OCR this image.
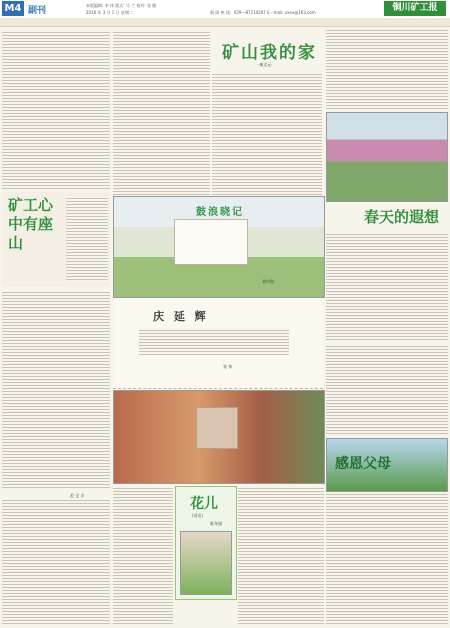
M4 副刊
本版编辑: 李 伟 版式: 马 兰 校对: 张 健
2016 年 3 月 1 日 星期二	新 闻 热 线：029—87214207 E－mail: xxxx@163.com	铜川矿工报
矿工心中有座山
范 全 丰
矿山我的家
·秦文元·
鼓浪晓记
刘中海
春天的遐想
庆 延 辉
张 伟
感恩父母
花儿
(谜语)
陈冬丽
